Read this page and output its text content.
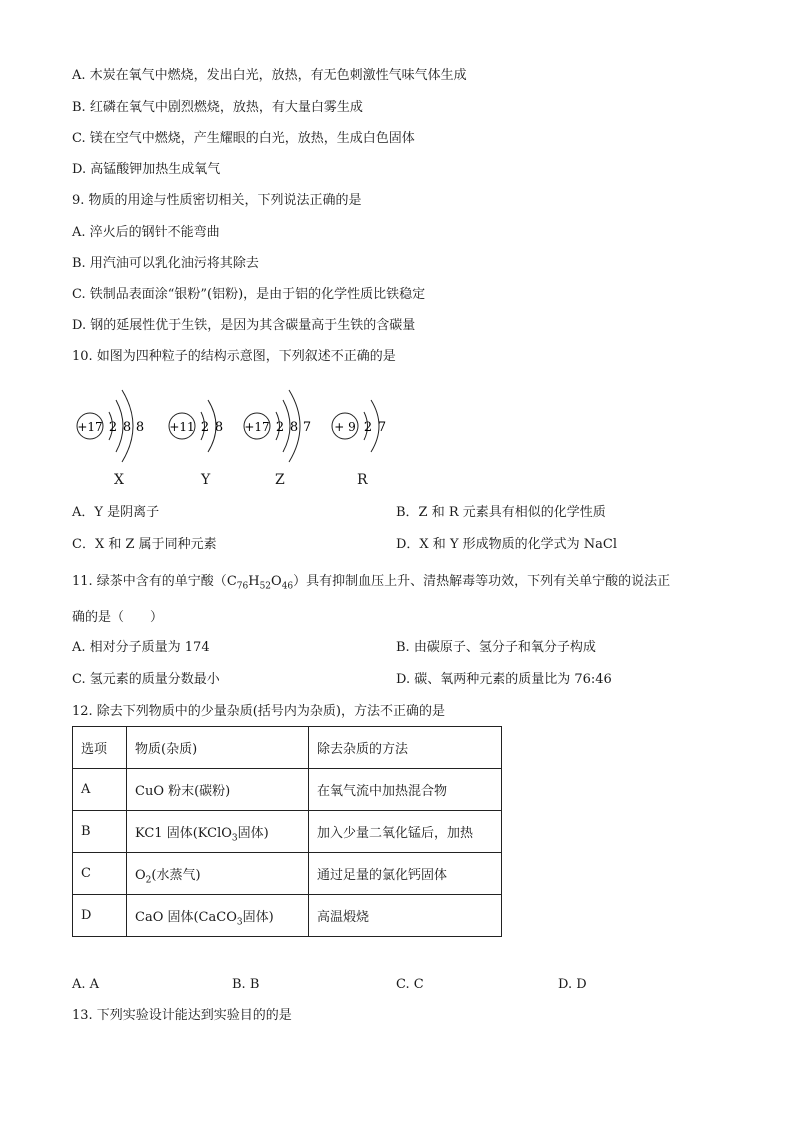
A. 木炭在氧气中燃烧，发出白光，放热，有无色刺激性气味气体生成
B. 红磷在氧气中剧烈燃烧，放热，有大量白雾生成
C. 镁在空气中燃烧，产生耀眼的白光，放热，生成白色固体
D. 高锰酸钾加热生成氧气
9. 物质的用途与性质密切相关，下列说法正确的是
A. 淬火后的钢针不能弯曲
B. 用汽油可以乳化油污将其除去
C. 铁制品表面涂“银粉”(铝粉)，是由于铝的化学性质比铁稳定
D. 钢的延展性优于生铁，是因为其含碳量高于生铁的含碳量
10. 如图为四种粒子的结构示意图，下列叙述不正确的是
+17 2 8 8
X
+11 2 8
Y
+17 2 8 7
Z
+ 9 2 7
R
A．Y 是阴离子	B．Z 和 R 元素具有相似的化学性质
C．X 和 Z 属于同种元素	D．X 和 Y 形成物质的化学式为 NaCl
11. 绿茶中含有的单宁酸$(C_{76}H_{52}O_{46})$具有抑制血压上升、清热解毒等功效，下列有关单宁酸的说法正
确的是（　　）
A. 相对分子质量为 174	B. 由碳原子、氢分子和氧分子构成
C. 氢元素的质量分数最小	D. 碳、氧两种元素的质量比为 76:46
12. 除去下列物质中的少量杂质(括号内为杂质)，方法不正确的是
选项	物质(杂质)	除去杂质的方法
A	CuO 粉末(碳粉)	在氧气流中加热混合物
B	KC1 固体(KClO$_3$固体)	加入少量二氧化锰后，加热
C	$O_2$(水蒸气)	通过足量的氯化钙固体
D	CaO 固体(CaCO$_3$固体)	高温煅烧
A. A	B. B	C. C	D. D
13. 下列实验设计能达到实验目的的是
